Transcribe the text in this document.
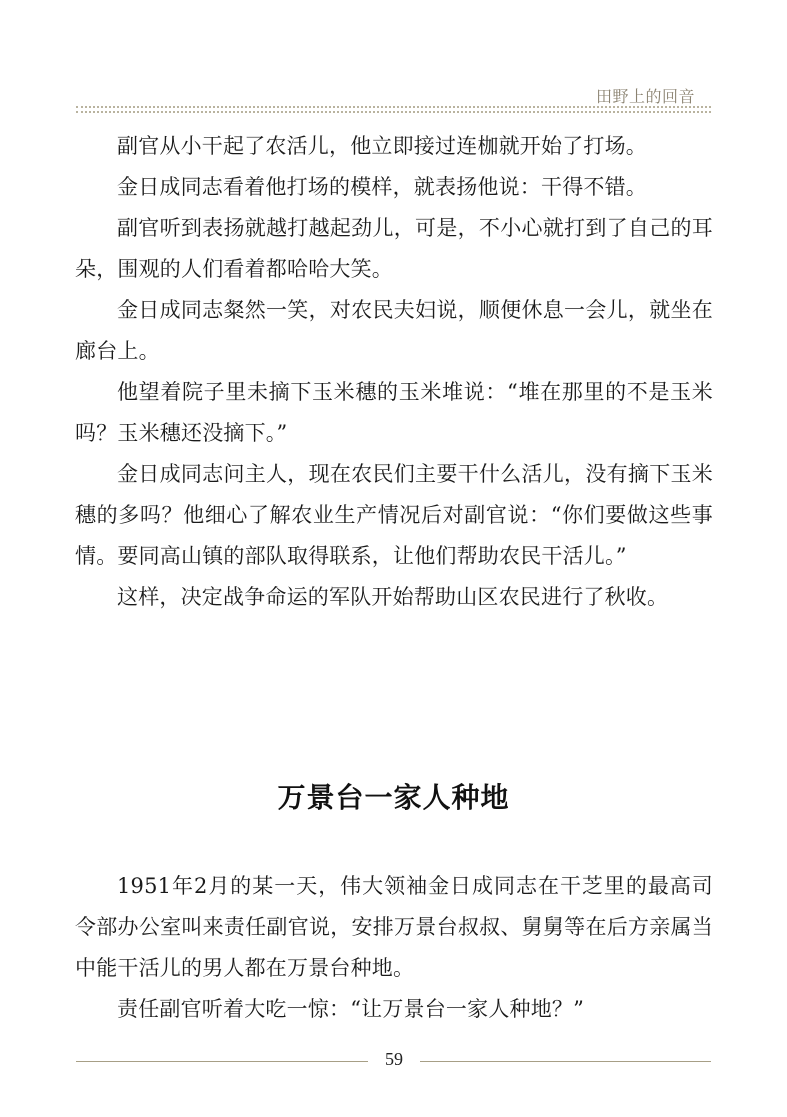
田野上的回音

副官从小干起了农活儿，他立即接过连枷就开始了打场。

金日成同志看着他打场的模样，就表扬他说：干得不错。

副官听到表扬就越打越起劲儿，可是，不小心就打到了自己的耳朵，围观的人们看着都哈哈大笑。

金日成同志粲然一笑，对农民夫妇说，顺便休息一会儿，就坐在廊台上。

他望着院子里未摘下玉米穗的玉米堆说：“堆在那里的不是玉米吗？玉米穗还没摘下。”

金日成同志问主人，现在农民们主要干什么活儿，没有摘下玉米穗的多吗？他细心了解农业生产情况后对副官说：“你们要做这些事情。要同高山镇的部队取得联系，让他们帮助农民干活儿。”

这样，决定战争命运的军队开始帮助山区农民进行了秋收。

万景台一家人种地

1951年2月的某一天，伟大领袖金日成同志在干芝里的最高司令部办公室叫来责任副官说，安排万景台叔叔、舅舅等在后方亲属当中能干活儿的男人都在万景台种地。

责任副官听着大吃一惊：“让万景台一家人种地？”

59
